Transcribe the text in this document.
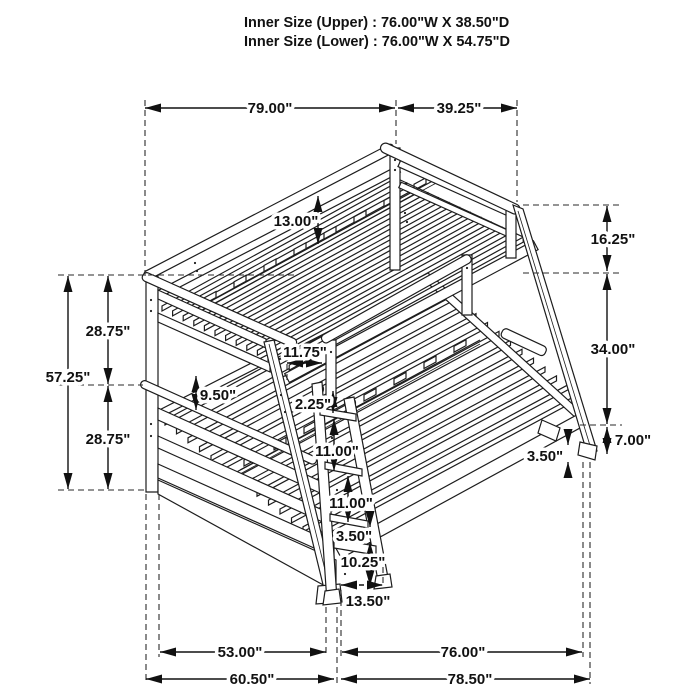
Inner Size (Upper) : 76.00"W X 38.50"D
Inner Size (Lower) : 76.00"W X 54.75"D
79.00"	39.25"
57.25"
28.75"
28.75"
13.00"
11.75"
9.50"
2.25"
11.00"
11.00"
3.50"
10.25"
13.50"
16.25"
34.00"
7.00"
3.50"
53.00"	76.00"
60.50"	78.50"
